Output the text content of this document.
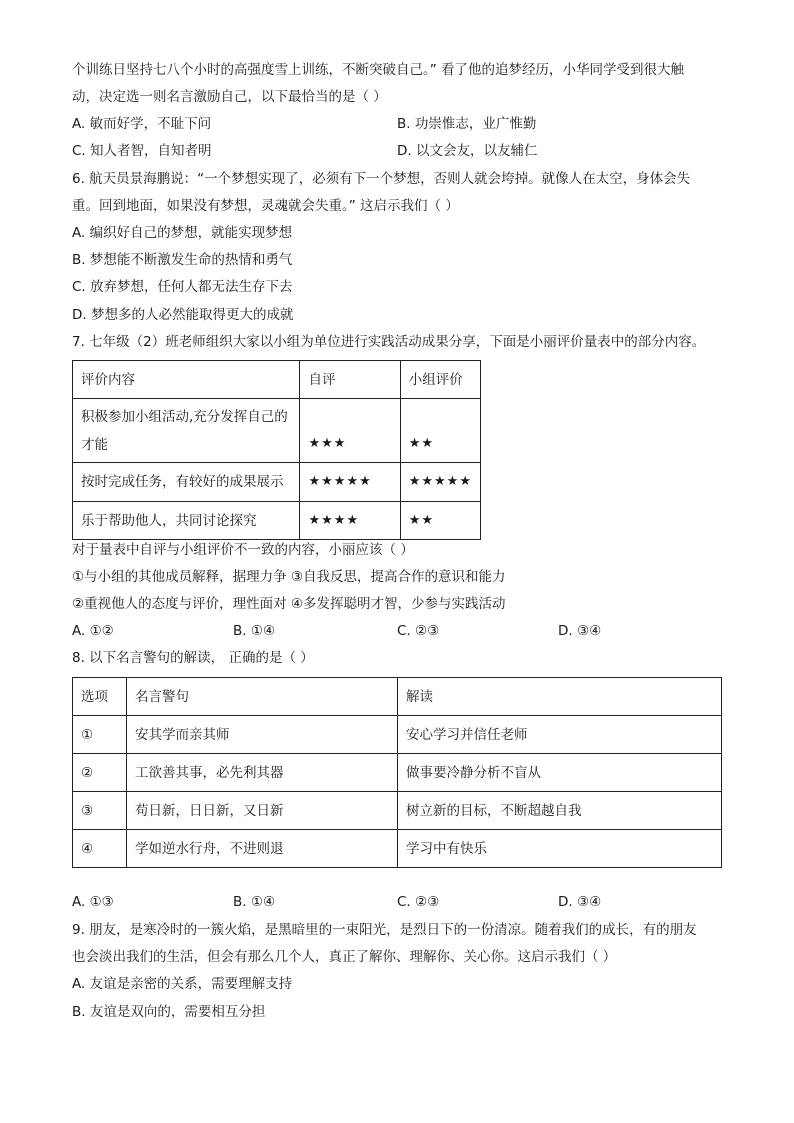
个训练日坚持七八个小时的高强度雪上训练，不断突破自己。” 看了他的追梦经历，小华同学受到很大触
动，决定选一则名言激励自己，以下最恰当的是（ ）
A. 敏而好学，不耻下问	B. 功崇惟志，业广惟勤
C. 知人者智，自知者明	D. 以文会友，以友辅仁
6. 航天员景海鹏说：“一个梦想实现了，必须有下一个梦想，否则人就会垮掉。就像人在太空，身体会失
重。回到地面，如果没有梦想，灵魂就会失重。” 这启示我们（ ）
A. 编织好自己的梦想，就能实现梦想
B. 梦想能不断激发生命的热情和勇气
C. 放弃梦想，任何人都无法生存下去
D. 梦想多的人必然能取得更大的成就
7. 七年级（2）班老师组织大家以小组为单位进行实践活动成果分享，下面是小丽评价量表中的部分内容。
评价内容	自评	小组评价

积极参加小组活动,充分发挥自己的
才能	★★★	★★
按时完成任务，有较好的成果展示	★★★★★	★★★★★
乐于帮助他人，共同讨论探究	★★★★	★★
对于量表中自评与小组评价不一致的内容，小丽应该（ ）
①与小组的其他成员解释，据理力争 ③自我反思，提高合作的意识和能力
②重视他人的态度与评价，理性面对 ④多发挥聪明才智，少参与实践活动
A. ①②	B. ①④	C. ②③	D. ③④
8. 以下名言警句的解读， 正确的是（ ）
选项	名言警句	解读
①	安其学而亲其师	安心学习并信任老师
②	工欲善其事，必先利其器	做事要冷静分析不盲从
③	苟日新，日日新，又日新	树立新的目标，不断超越自我
④	学如逆水行舟，不进则退	学习中有快乐
A. ①③	B. ①④	C. ②③	D. ③④
9. 朋友，是寒冷时的一簇火焰，是黑暗里的一束阳光，是烈日下的一份清凉。随着我们的成长，有的朋友
也会淡出我们的生活，但会有那么几个人，真正了解你、理解你、关心你。这启示我们（ ）
A. 友谊是亲密的关系，需要理解支持
B. 友谊是双向的，需要相互分担
